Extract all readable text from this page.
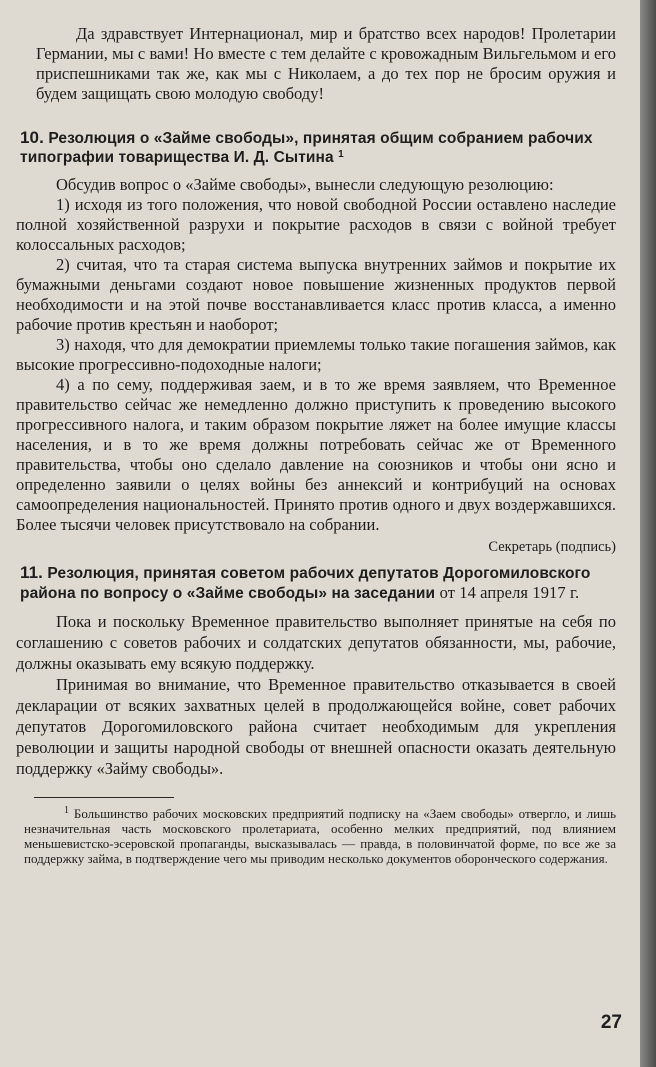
Да здравствует Интернационал, мир и братство всех народов! Пролетарии Германии, мы с вами! Но вместе с тем делайте с кровожадным Вильгельмом и его приспешниками так же, как мы с Николаем, а до тех пор не бросим оружия и будем защищать свою молодую свободу!

10. Резолюция о «Займе свободы», принятая общим собранием рабочих типографии товарищества И. Д. Сытина $^1$

Обсудив вопрос о «Займе свободы», вынесли следующую резолюцию:

1) исходя из того положения, что новой свободной России оставлено наследие полной хозяйственной разрухи и покрытие расходов в связи с войной требует колоссальных расходов;

2) считая, что та старая система выпуска внутренних займов и покрытие их бумажными деньгами создают новое повышение жизненных продуктов первой необходимости и на этой почве восстанавливается класс против класса, а именно рабочие против крестьян и наоборот;

3) находя, что для демократии приемлемы только такие погашения займов, как высокие прогрессивно-подоходные налоги;

4) а по сему, поддерживая заем, и в то же время заявляем, что Временное правительство сейчас же немедленно должно приступить к проведению высокого прогрессивного налога, и таким образом покрытие ляжет на более имущие классы населения, и в то же время должны потребовать сейчас же от Временного правительства, чтобы оно сделало давление на союзников и чтобы они ясно и определенно заявили о целях войны без аннексий и контрибуций на основах самоопределения национальностей. Принято против одного и двух воздержавшихся. Более тысячи человек присутствовало на собрании.

Секретарь (подпись)
11. Резолюция, принятая советом рабочих депутатов Дорогомиловского района по вопросу о «Займе свободы» на заседании от 14 апреля 1917 г.

Пока и поскольку Временное правительство выполняет принятые на себя по соглашению с советов рабочих и солдатских депутатов обязанности, мы, рабочие, должны оказывать ему всякую поддержку.

Принимая во внимание, что Временное правительство отказывается в своей декларации от всяких захватных целей в продолжающейся войне, совет рабочих депутатов Дорогомиловского района считает необходимым для укрепления революции и защиты народной свободы от внешней опасности оказать деятельную поддержку «Займу свободы».

$^1$ Большинство рабочих московских предприятий подписку на «Заем свободы» отвергло, и лишь незначительная часть московского пролетариата, особенно мелких предприятий, под влиянием меньшевистско-эсеровской пропаганды, высказывалась — правда, в половинчатой форме, по все же за поддержку займа, в подтверждение чего мы приводим несколько документов оборончеcкого содержания.

27
